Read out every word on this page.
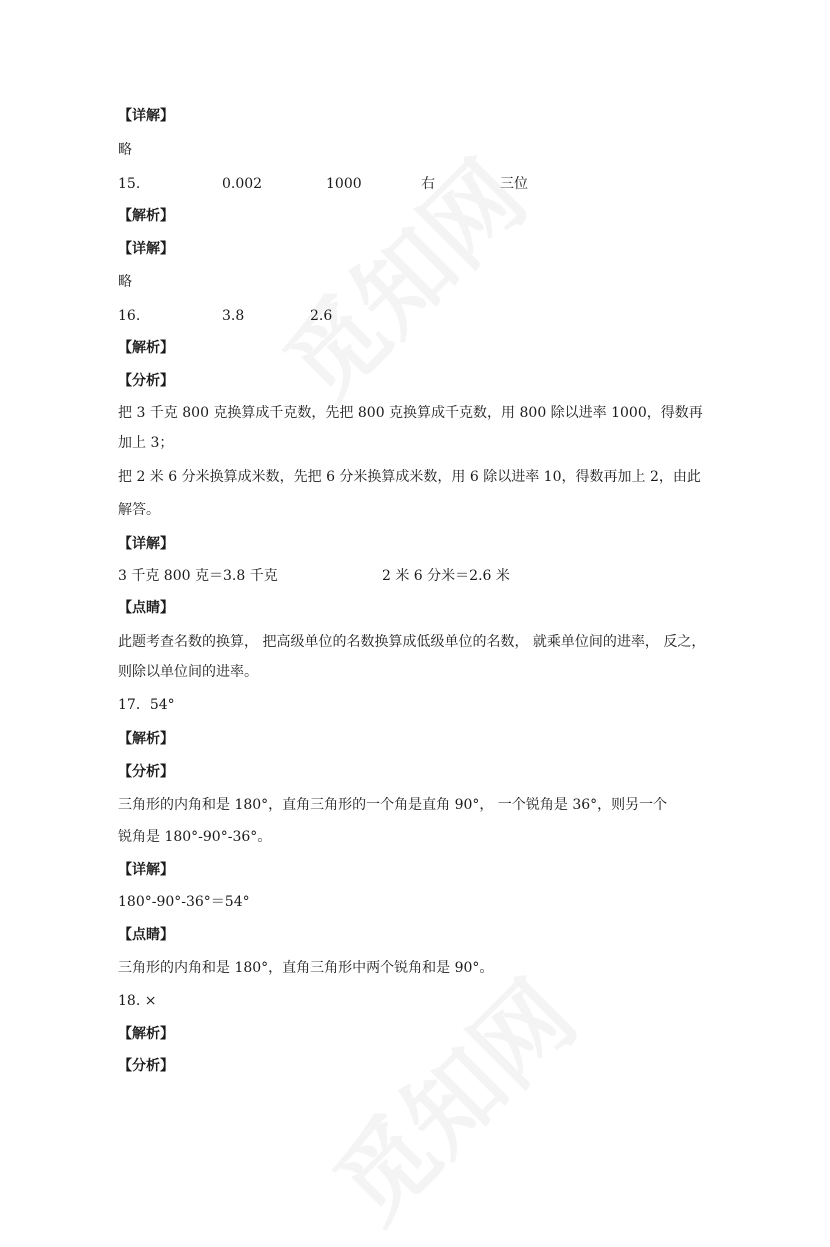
【详解】
略
15.	0.002	1000	右	三位
【解析】
【详解】
略
16.	3.8	2.6
【解析】
【分析】
把 3 千克 800 克换算成千克数，先把 800 克换算成千克数，用 800 除以进率 1000，得数再
加上 3；
把 2 米 6 分米换算成米数，先把 6 分米换算成米数，用 6 除以进率 10，得数再加上 2，由此
解答。
【详解】
3 千克 800 克＝3.8 千克	2 米 6 分米＝2.6 米
【点睛】
此题考查名数的换算， 把高级单位的名数换算成低级单位的名数， 就乘单位间的进率， 反之，
则除以单位间的进率。
17．54°
【解析】
【分析】
三角形的内角和是 180°，直角三角形的一个角是直角 90°， 一个锐角是 36°，则另一个
锐角是 180°-90°-36°。
【详解】
180°-90°-36°＝54°
【点睛】
三角形的内角和是 180°，直角三角形中两个锐角和是 90°。
18. ×
【解析】
【分析】
